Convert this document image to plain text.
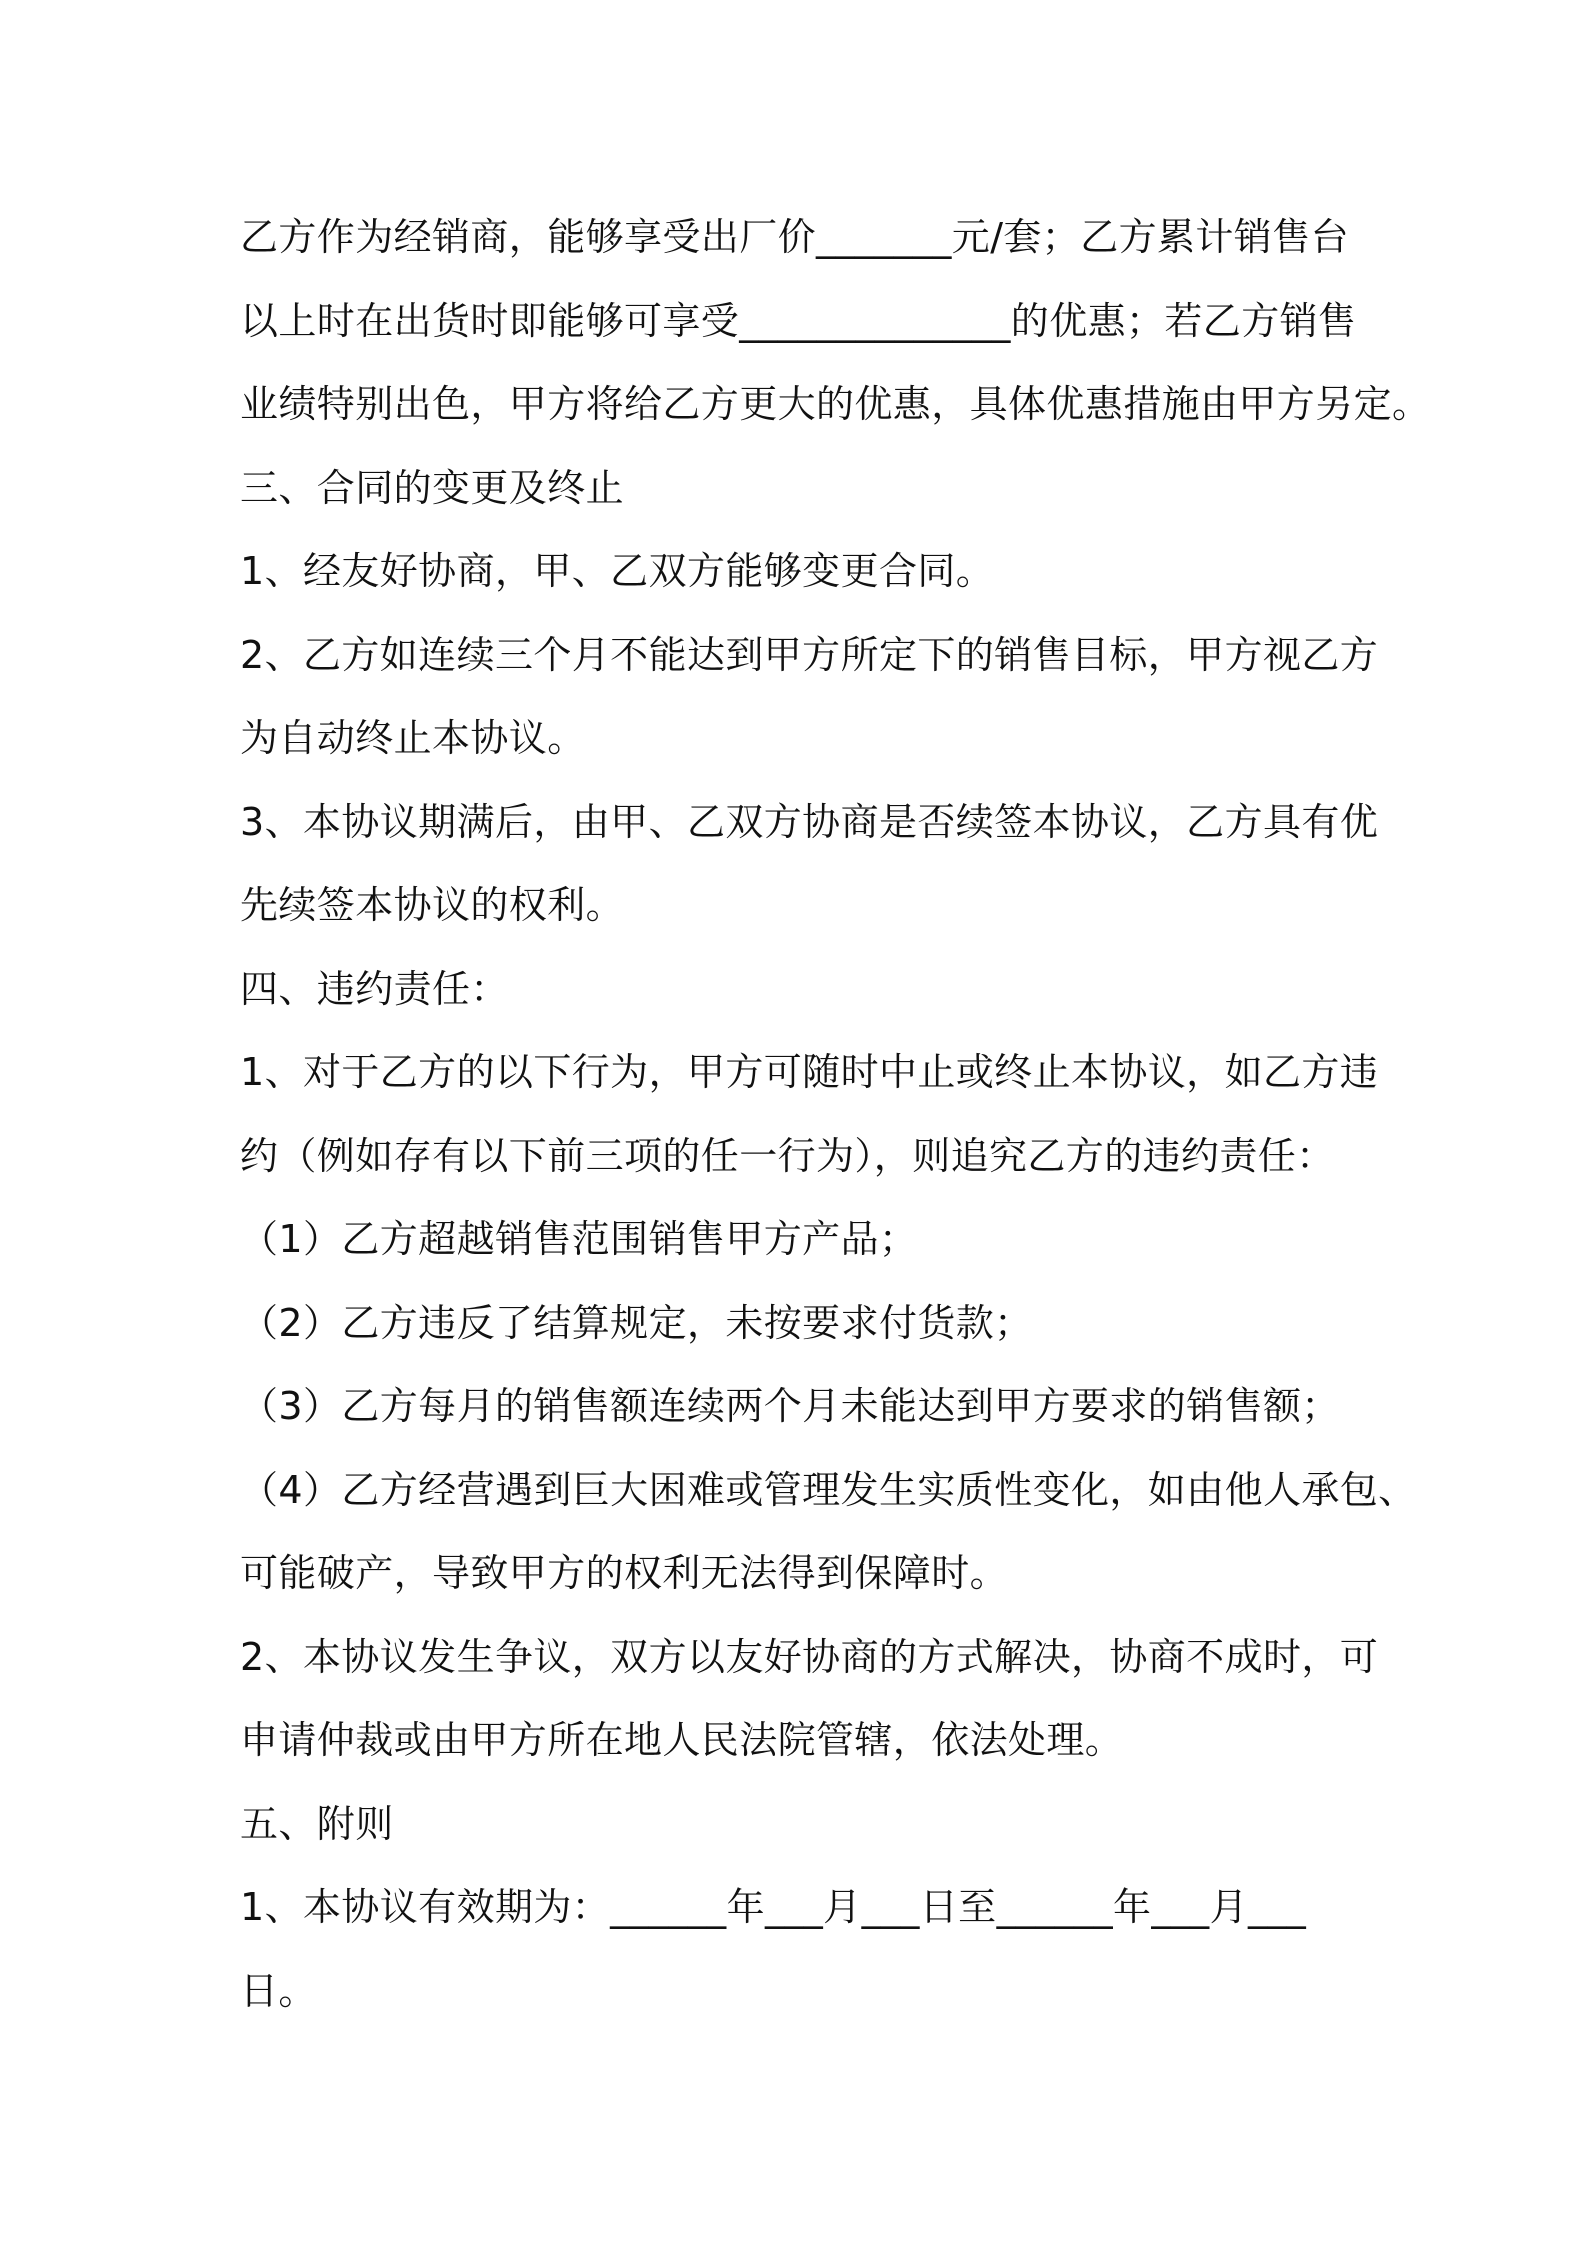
乙方作为经销商，能够享受出厂价_______元/套；乙方累计销售台
以上时在出货时即能够可享受______________的优惠；若乙方销售
业绩特别出色，甲方将给乙方更大的优惠，具体优惠措施由甲方另定。
三、合同的变更及终止
1、经友好协商，甲、乙双方能够变更合同。
2、乙方如连续三个月不能达到甲方所定下的销售目标，甲方视乙方
为自动终止本协议。
3、本协议期满后，由甲、乙双方协商是否续签本协议，乙方具有优
先续签本协议的权利。
四、违约责任：
1、对于乙方的以下行为，甲方可随时中止或终止本协议，如乙方违
约（例如存有以下前三项的任一行为），则追究乙方的违约责任：
（1）乙方超越销售范围销售甲方产品；
（2）乙方违反了结算规定，未按要求付货款；
（3）乙方每月的销售额连续两个月未能达到甲方要求的销售额；
（4）乙方经营遇到巨大困难或管理发生实质性变化，如由他人承包、
可能破产，导致甲方的权利无法得到保障时。
2、本协议发生争议，双方以友好协商的方式解决，协商不成时，可
申请仲裁或由甲方所在地人民法院管辖，依法处理。
五、附则
1、本协议有效期为：______年___月___日至______年___月___
日。
